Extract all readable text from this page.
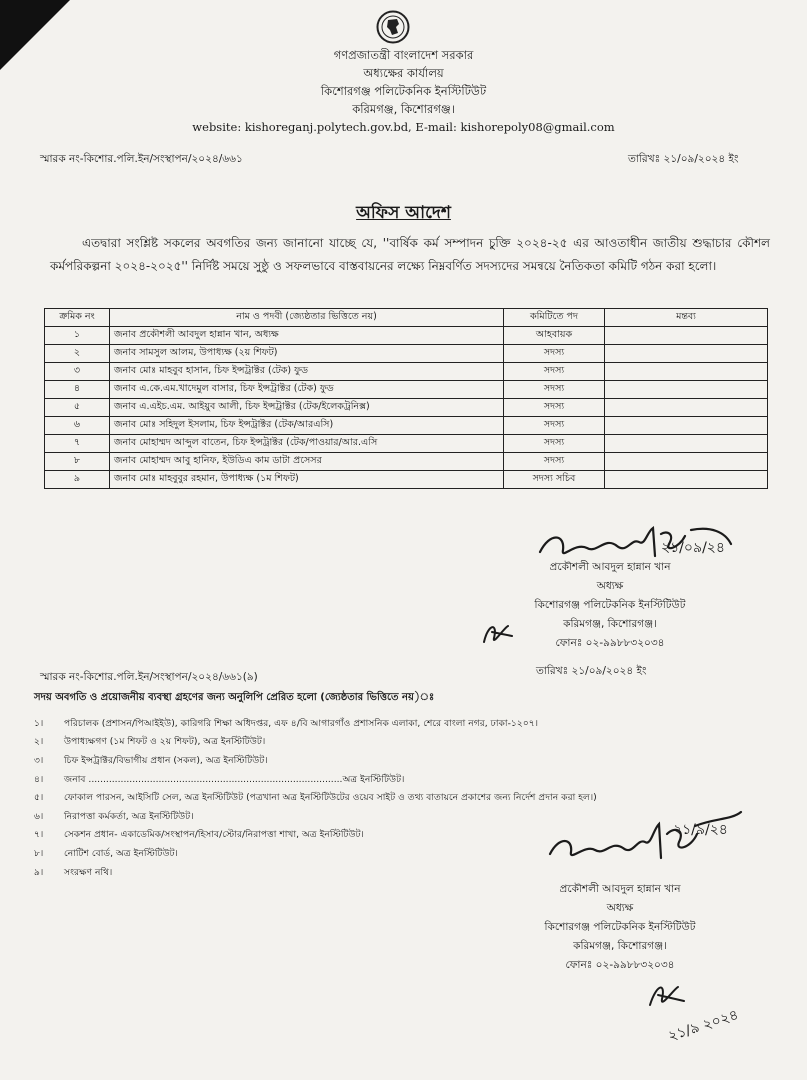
গণপ্রজাতন্ত্রী বাংলাদেশ সরকার
অধ্যক্ষের কার্যালয়
কিশোরগঞ্জ পলিটেকনিক ইনস্টিটিউট
করিমগঞ্জ, কিশোরগঞ্জ।
website: kishoreganj.polytech.gov.bd, E-mail: kishorepoly08@gmail.com
স্মারক নং-কিশোর.পলি.ইন/সংস্থাপন/২০২৪/৬৬১	তারিখঃ ২১/০৯/২০২৪ ইং
অফিস আদেশ
এতদ্বারা সংশ্লিষ্ট সকলের অবগতির জন্য জানানো যাচ্ছে যে, ''বার্ষিক কর্ম সম্পাদন চুক্তি ২০২৪-২৫ এর আওতাধীন জাতীয় শুদ্ধাচার কৌশল কর্মপরিকল্পনা ২০২৪-২০২৫'' নির্দিষ্ট সময়ে সুষ্ঠু ও সফলভাবে বাস্তবায়নের লক্ষ্যে নিম্নবর্ণিত সদস্যদের সমন্বয়ে নৈতিকতা কমিটি গঠন করা হলো।
ক্রমিক নং	নাম ও পদবী (জ্যেষ্ঠতার ভিত্তিতে নয়)	কমিটিতে পদ	মন্তব্য
১	জনাব প্রকৌশলী আবদুল হান্নান খান, অধ্যক্ষ	আহবায়ক	
২	জনাব সামসুল আলম, উপাধ্যক্ষ (২য় শিফট)	সদস্য	
৩	জনাব মোঃ মাহবুব হাসান, চিফ ইন্সট্রাক্টর (টেক) ফুড	সদস্য	
৪	জনাব এ.কে.এম.খাদেমুল বাসার, চিফ ইন্সট্রাক্টর (টেক) ফুড	সদস্য	
৫	জনাব এ.এইচ.এম. আইয়ুব আলী, চিফ ইন্সট্রাক্টর (টেক/ইলেকট্রনিক্স)	সদস্য	
৬	জনাব মোঃ সহিদুল ইসলাম, চিফ ইন্সট্রাক্টর (টেক/আরএসি)	সদস্য	
৭	জনাব মোহাম্মদ আব্দুল বাতেন, চিফ ইন্সট্রাক্টর (টেক/পাওয়ার/আর.এসি	সদস্য	
৮	জনাব মোহাম্মদ আবু হানিফ, ইউডিএ কাম ডাটা প্রসেসর	সদস্য	
৯	জনাব মোঃ মাহবুবুর রহমান, উপাধ্যক্ষ (১ম শিফট)	সদস্য সচিব	
২১/০৯/২৪
প্রকৌশলী আবদুল হান্নান খান
অধ্যক্ষ
কিশোরগঞ্জ পলিটেকনিক ইনস্টিটিউট
করিমগঞ্জ, কিশোরগঞ্জ।
ফোনঃ ০২-৯৯৮৮৩২০৩৪
স্মারক নং-কিশোর.পলি.ইন/সংস্থাপন/২০২৪/৬৬১(৯)	তারিখঃ ২১/০৯/২০২৪ ইং
সদয় অবগতি ও প্রয়োজনীয় ব্যবস্থা গ্রহণের জন্য অনুলিপি প্রেরিত হলো (জ্যেষ্ঠতার ভিত্তিতে নয়)ঃ
১।	পরিচালক (প্রশাসন/পিআইইউ), কারিগরি শিক্ষা অধিদপ্তর, এফ ৪/বি আগারগাঁও প্রশাসনিক এলাকা, শেরে বাংলা নগর, ঢাকা-১২০৭।
২।	উপাধ্যক্ষগণ (১ম শিফট ও ২য় শিফট), অত্র ইনস্টিটিউট।
৩।	চিফ ইন্সট্রাক্টর/বিভাগীয় প্রধান (সকল), অত্র ইনস্টিটিউট।
৪।	জনাব .......................................................................................অত্র ইনস্টিটিউট।
৫।	ফোকাল পারসন, আইসিটি সেল, অত্র ইনস্টিটিউট (পত্রখানা অত্র ইনস্টিটিউটের ওয়েব সাইট ও তথ্য বাতায়নে প্রকাশের জন্য নির্দেশ প্রদান করা হল।)
৬।	নিরাপত্তা কর্মকর্তা, অত্র ইনস্টিটিউট।
৭।	সেকশন প্রধান- একাডেমিক/সংস্থাপন/হিসাব/স্টোর/নিরাপত্তা শাখা, অত্র ইনস্টিটিউট।
৮।	নোটিশ বোর্ড, অত্র ইনস্টিটিউট।
৯।	সংরক্ষণ নথি।
২১/৯/২৪
প্রকৌশলী আবদুল হান্নান খান
অধ্যক্ষ
কিশোরগঞ্জ পলিটেকনিক ইনস্টিটিউট
করিমগঞ্জ, কিশোরগঞ্জ।
ফোনঃ ০২-৯৯৮৮৩২০৩৪
২১/৯ ২০২৪
